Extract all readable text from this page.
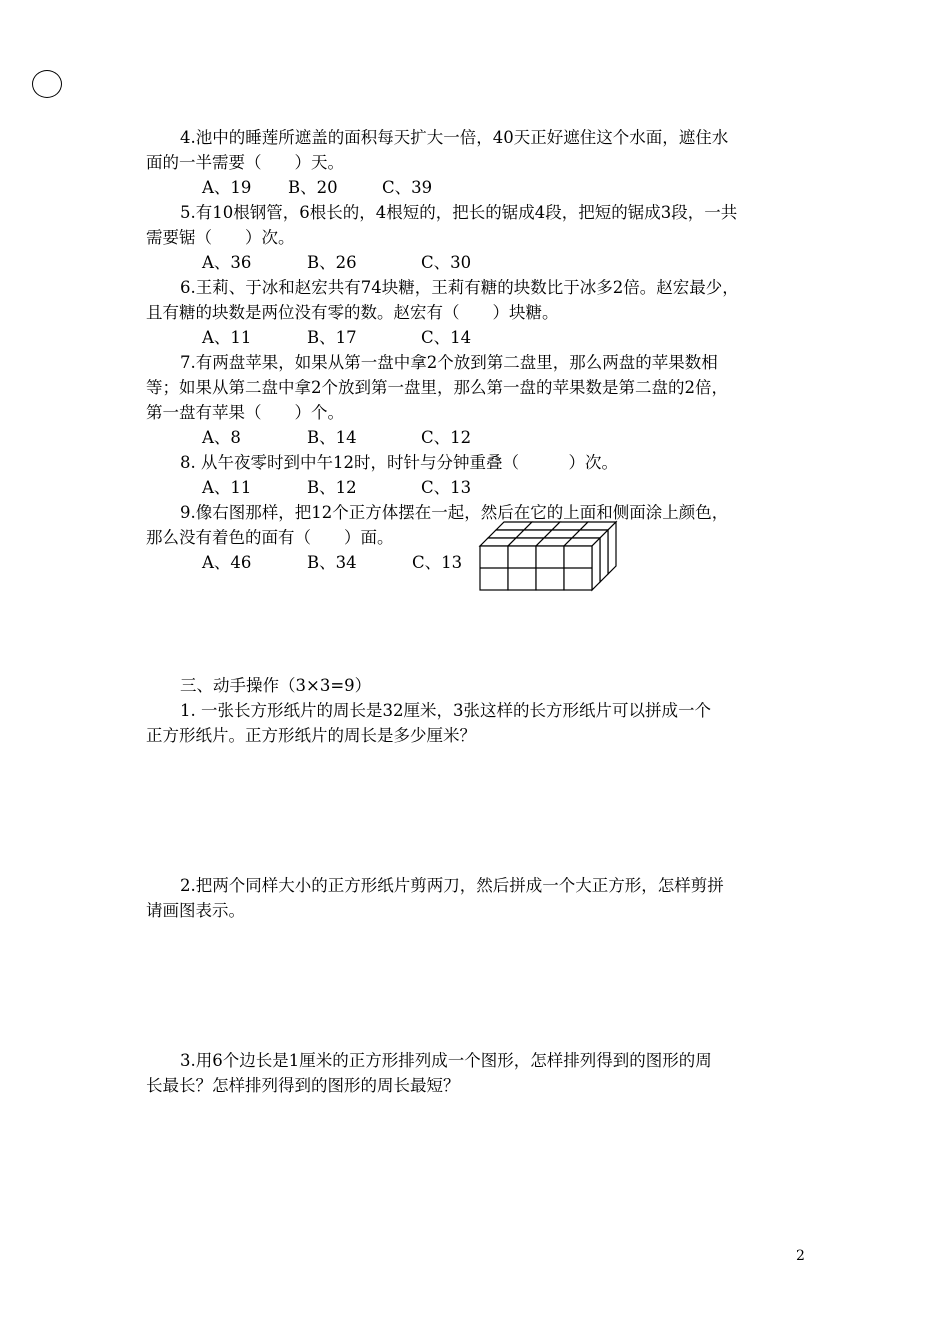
4.池中的睡莲所遮盖的面积每天扩大一倍，40天正好遮住这个水面，遮住水
面的一半需要（　　）天。
A、19 B、20	C、39
5.有10根钢管，6根长的，4根短的，把长的锯成4段，把短的锯成3段，一共
需要锯（　　）次。
A、36	B、26	C、30
6.王莉、于冰和赵宏共有74块糖，王莉有糖的块数比于冰多2倍。赵宏最少，
且有糖的块数是两位没有零的数。赵宏有（　　）块糖。
A、11	B、17	C、14
7.有两盘苹果，如果从第一盘中拿2个放到第二盘里，那么两盘的苹果数相
等；如果从第二盘中拿2个放到第一盘里，那么第一盘的苹果数是第二盘的2倍，
第一盘有苹果（　　）个。
A、8	B、14	C、12
8. 从午夜零时到中午12时，时针与分钟重叠（　　　）次。
A、11	B、12	C、13
9.像右图那样，把12个正方体摆在一起，然后在它的上面和侧面涂上颜色，
那么没有着色的面有（　　）面。
A、46	B、34	C、13
三、动手操作（3×3=9）
1. 一张长方形纸片的周长是32厘米，3张这样的长方形纸片可以拼成一个
正方形纸片。正方形纸片的周长是多少厘米？
2.把两个同样大小的正方形纸片剪两刀，然后拼成一个大正方形，怎样剪拼
请画图表示。
3.用6个边长是1厘米的正方形排列成一个图形，怎样排列得到的图形的周
长最长？怎样排列得到的图形的周长最短？
2
